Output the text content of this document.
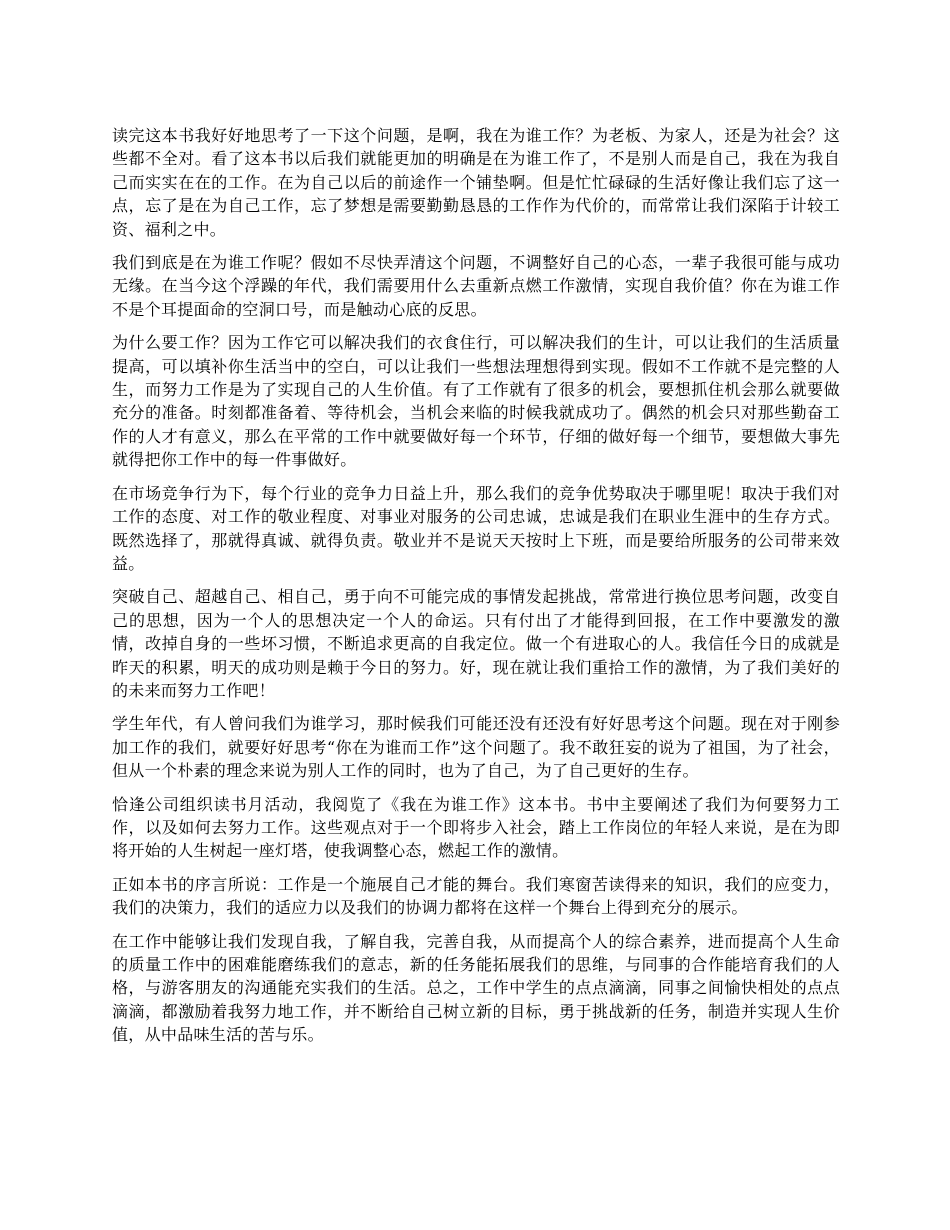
读完这本书我好好地思考了一下这个问题，是啊，我在为谁工作？为老板、为家人，还是为社会？这些都不全对。看了这本书以后我们就能更加的明确是在为谁工作了，不是别人而是自己，我在为我自己而实实在在的工作。在为自己以后的前途作一个铺垫啊。但是忙忙碌碌的生活好像让我们忘了这一点，忘了是在为自己工作，忘了梦想是需要勤勤恳恳的工作作为代价的，而常常让我们深陷于计较工资、福利之中。

我们到底是在为谁工作呢？假如不尽快弄清这个问题，不调整好自己的心态，一辈子我很可能与成功无缘。在当今这个浮躁的年代，我们需要用什么去重新点燃工作激情，实现自我价值？你在为谁工作不是个耳提面命的空洞口号，而是触动心底的反思。

为什么要工作？因为工作它可以解决我们的衣食住行，可以解决我们的生计，可以让我们的生活质量提高，可以填补你生活当中的空白，可以让我们一些想法理想得到实现。假如不工作就不是完整的人生，而努力工作是为了实现自己的人生价值。有了工作就有了很多的机会，要想抓住机会那么就要做充分的准备。时刻都准备着、等待机会，当机会来临的时候我就成功了。偶然的机会只对那些勤奋工作的人才有意义，那么在平常的工作中就要做好每一个环节，仔细的做好每一个细节，要想做大事先就得把你工作中的每一件事做好。

在市场竞争行为下，每个行业的竞争力日益上升，那么我们的竞争优势取决于哪里呢！取决于我们对工作的态度、对工作的敬业程度、对事业对服务的公司忠诚，忠诚是我们在职业生涯中的生存方式。既然选择了，那就得真诚、就得负责。敬业并不是说天天按时上下班，而是要给所服务的公司带来效益。

突破自己、超越自己、相自己，勇于向不可能完成的事情发起挑战，常常进行换位思考问题，改变自己的思想，因为一个人的思想决定一个人的命运。只有付出了才能得到回报，在工作中要激发的激情，改掉自身的一些坏习惯，不断追求更高的自我定位。做一个有进取心的人。我信任今日的成就是昨天的积累，明天的成功则是赖于今日的努力。好，现在就让我们重拾工作的激情，为了我们美好的的未来而努力工作吧！

学生年代，有人曾问我们为谁学习，那时候我们可能还没有还没有好好思考这个问题。现在对于刚参加工作的我们，就要好好思考“你在为谁而工作”这个问题了。我不敢狂妄的说为了祖国，为了社会，但从一个朴素的理念来说为别人工作的同时，也为了自己，为了自己更好的生存。

恰逢公司组织读书月活动，我阅览了《我在为谁工作》这本书。书中主要阐述了我们为何要努力工作，以及如何去努力工作。这些观点对于一个即将步入社会，踏上工作岗位的年轻人来说，是在为即将开始的人生树起一座灯塔，使我调整心态，燃起工作的激情。

正如本书的序言所说：工作是一个施展自己才能的舞台。我们寒窗苦读得来的知识，我们的应变力，我们的决策力，我们的适应力以及我们的协调力都将在这样一个舞台上得到充分的展示。

在工作中能够让我们发现自我，了解自我，完善自我，从而提高个人的综合素养，进而提高个人生命的质量工作中的困难能磨练我们的意志，新的任务能拓展我们的思维，与同事的合作能培育我们的人格，与游客朋友的沟通能充实我们的生活。总之，工作中学生的点点滴滴，同事之间愉快相处的点点滴滴，都激励着我努力地工作，并不断给自己树立新的目标，勇于挑战新的任务，制造并实现人生价值，从中品味生活的苦与乐。
